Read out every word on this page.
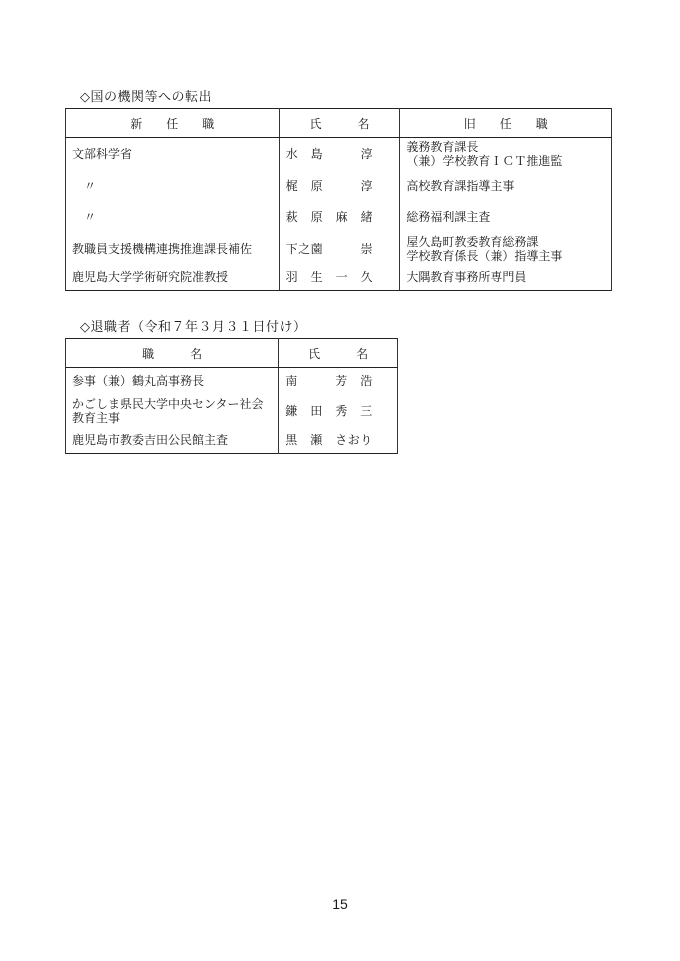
◇国の機関等への転出
新　　任　　職	氏　　　名	旧　　任　　職
文部科学省	水　島　　　淳	義務教育課長
（兼）学校教育ＩＣＴ推進監
　〃	梶　原　　　淳	高校教育課指導主事
　〃	萩　原　麻　緒	総務福利課主査
教職員支援機構連携推進課長補佐	下之薗　　　崇	屋久島町教委教育総務課
学校教育係長（兼）指導主事
鹿児島大学学術研究院准教授	羽　生　一　久	大隅教育事務所専門員
◇退職者（令和７年３月３１日付け）
職　　　名	氏　　　名
参事（兼）鶴丸高事務長	南　　　芳　浩
かごしま県民大学中央センター社会
教育主事	鎌　田　秀　三
鹿児島市教委吉田公民館主査	黒　瀬　さおり
15
